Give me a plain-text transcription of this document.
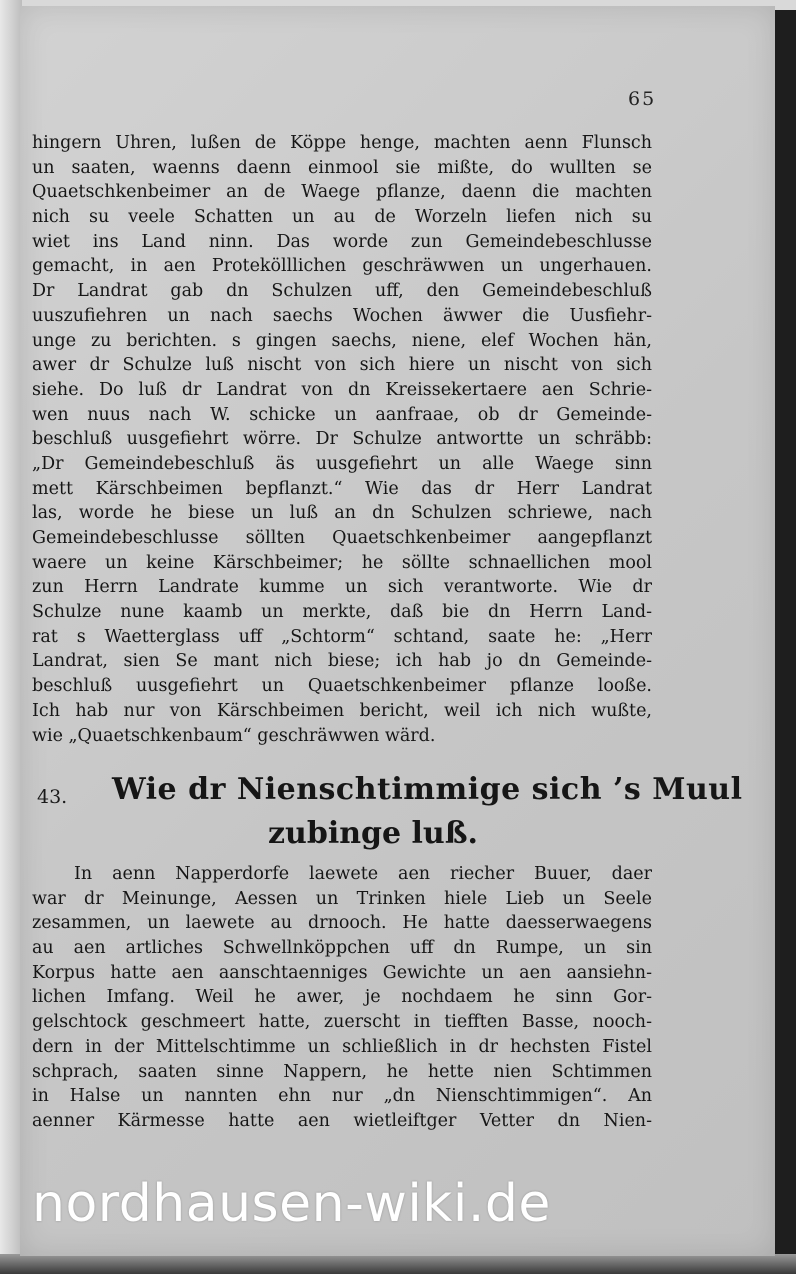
65
hingern Uhren, lußen de Köppe henge, machten aenn Flunsch
un saaten, waenns daenn einmool sie mißte, do wullten se
Quaetschkenbeimer an de Waege pflanze, daenn die machten
nich su veele Schatten un au de Worzeln liefen nich su
wiet ins Land ninn. Das worde zun Gemeindebeschlusse
gemacht, in aen Protekölllichen geschräwwen un ungerhauen.
Dr Landrat gab dn Schulzen uff, den Gemeindebeschluß
uuszufiehren un nach saechs Wochen äwwer die Uusfiehr-
unge zu berichten. s gingen saechs, niene, elef Wochen hän,
awer dr Schulze luß nischt von sich hiere un nischt von sich
siehe. Do luß dr Landrat von dn Kreissekertaere aen Schrie-
wen nuus nach W. schicke un aanfraae, ob dr Gemeinde-
beschluß uusgefiehrt wörre. Dr Schulze antwortte un schräbb:
„Dr Gemeindebeschluß äs uusgefiehrt un alle Waege sinn
mett Kärschbeimen bepflanzt.“ Wie das dr Herr Landrat
las, worde he biese un luß an dn Schulzen schriewe, nach
Gemeindebeschlusse söllten Quaetschkenbeimer aangepflanzt
waere un keine Kärschbeimer; he söllte schnaellichen mool
zun Herrn Landrate kumme un sich verantworte. Wie dr
Schulze nune kaamb un merkte, daß bie dn Herrn Land-
rat s Waetterglass uff „Schtorm“ schtand, saate he: „Herr
Landrat, sien Se mant nich biese; ich hab jo dn Gemeinde-
beschluß uusgefiehrt un Quaetschkenbeimer pflanze looße.
Ich hab nur von Kärschbeimen bericht, weil ich nich wußte,
wie „Quaetschkenbaum“ geschräwwen wärd.
43. Wie dr Nienschtimmige sich ’s Muul
zubinge luß.
In aenn Napperdorfe laewete aen riecher Buuer, daer
war dr Meinunge, Aessen un Trinken hiele Lieb un Seele
zesammen, un laewete au drnooch. He hatte daesserwaegens
au aen artliches Schwellnköppchen uff dn Rumpe, un sin
Korpus hatte aen aanschtaenniges Gewichte un aen aansiehn-
lichen Imfang. Weil he awer, je nochdaem he sinn Gor-
gelschtock geschmeert hatte, zuerscht in tiefften Basse, nooch-
dern in der Mittelschtimme un schließlich in dr hechsten Fistel
schprach, saaten sinne Nappern, he hette nien Schtimmen
in Halse un nannten ehn nur „dn Nienschtimmigen“. An
aenner Kärmesse hatte aen wietleiftger Vetter dn Nien-
nordhausen-wiki.de
